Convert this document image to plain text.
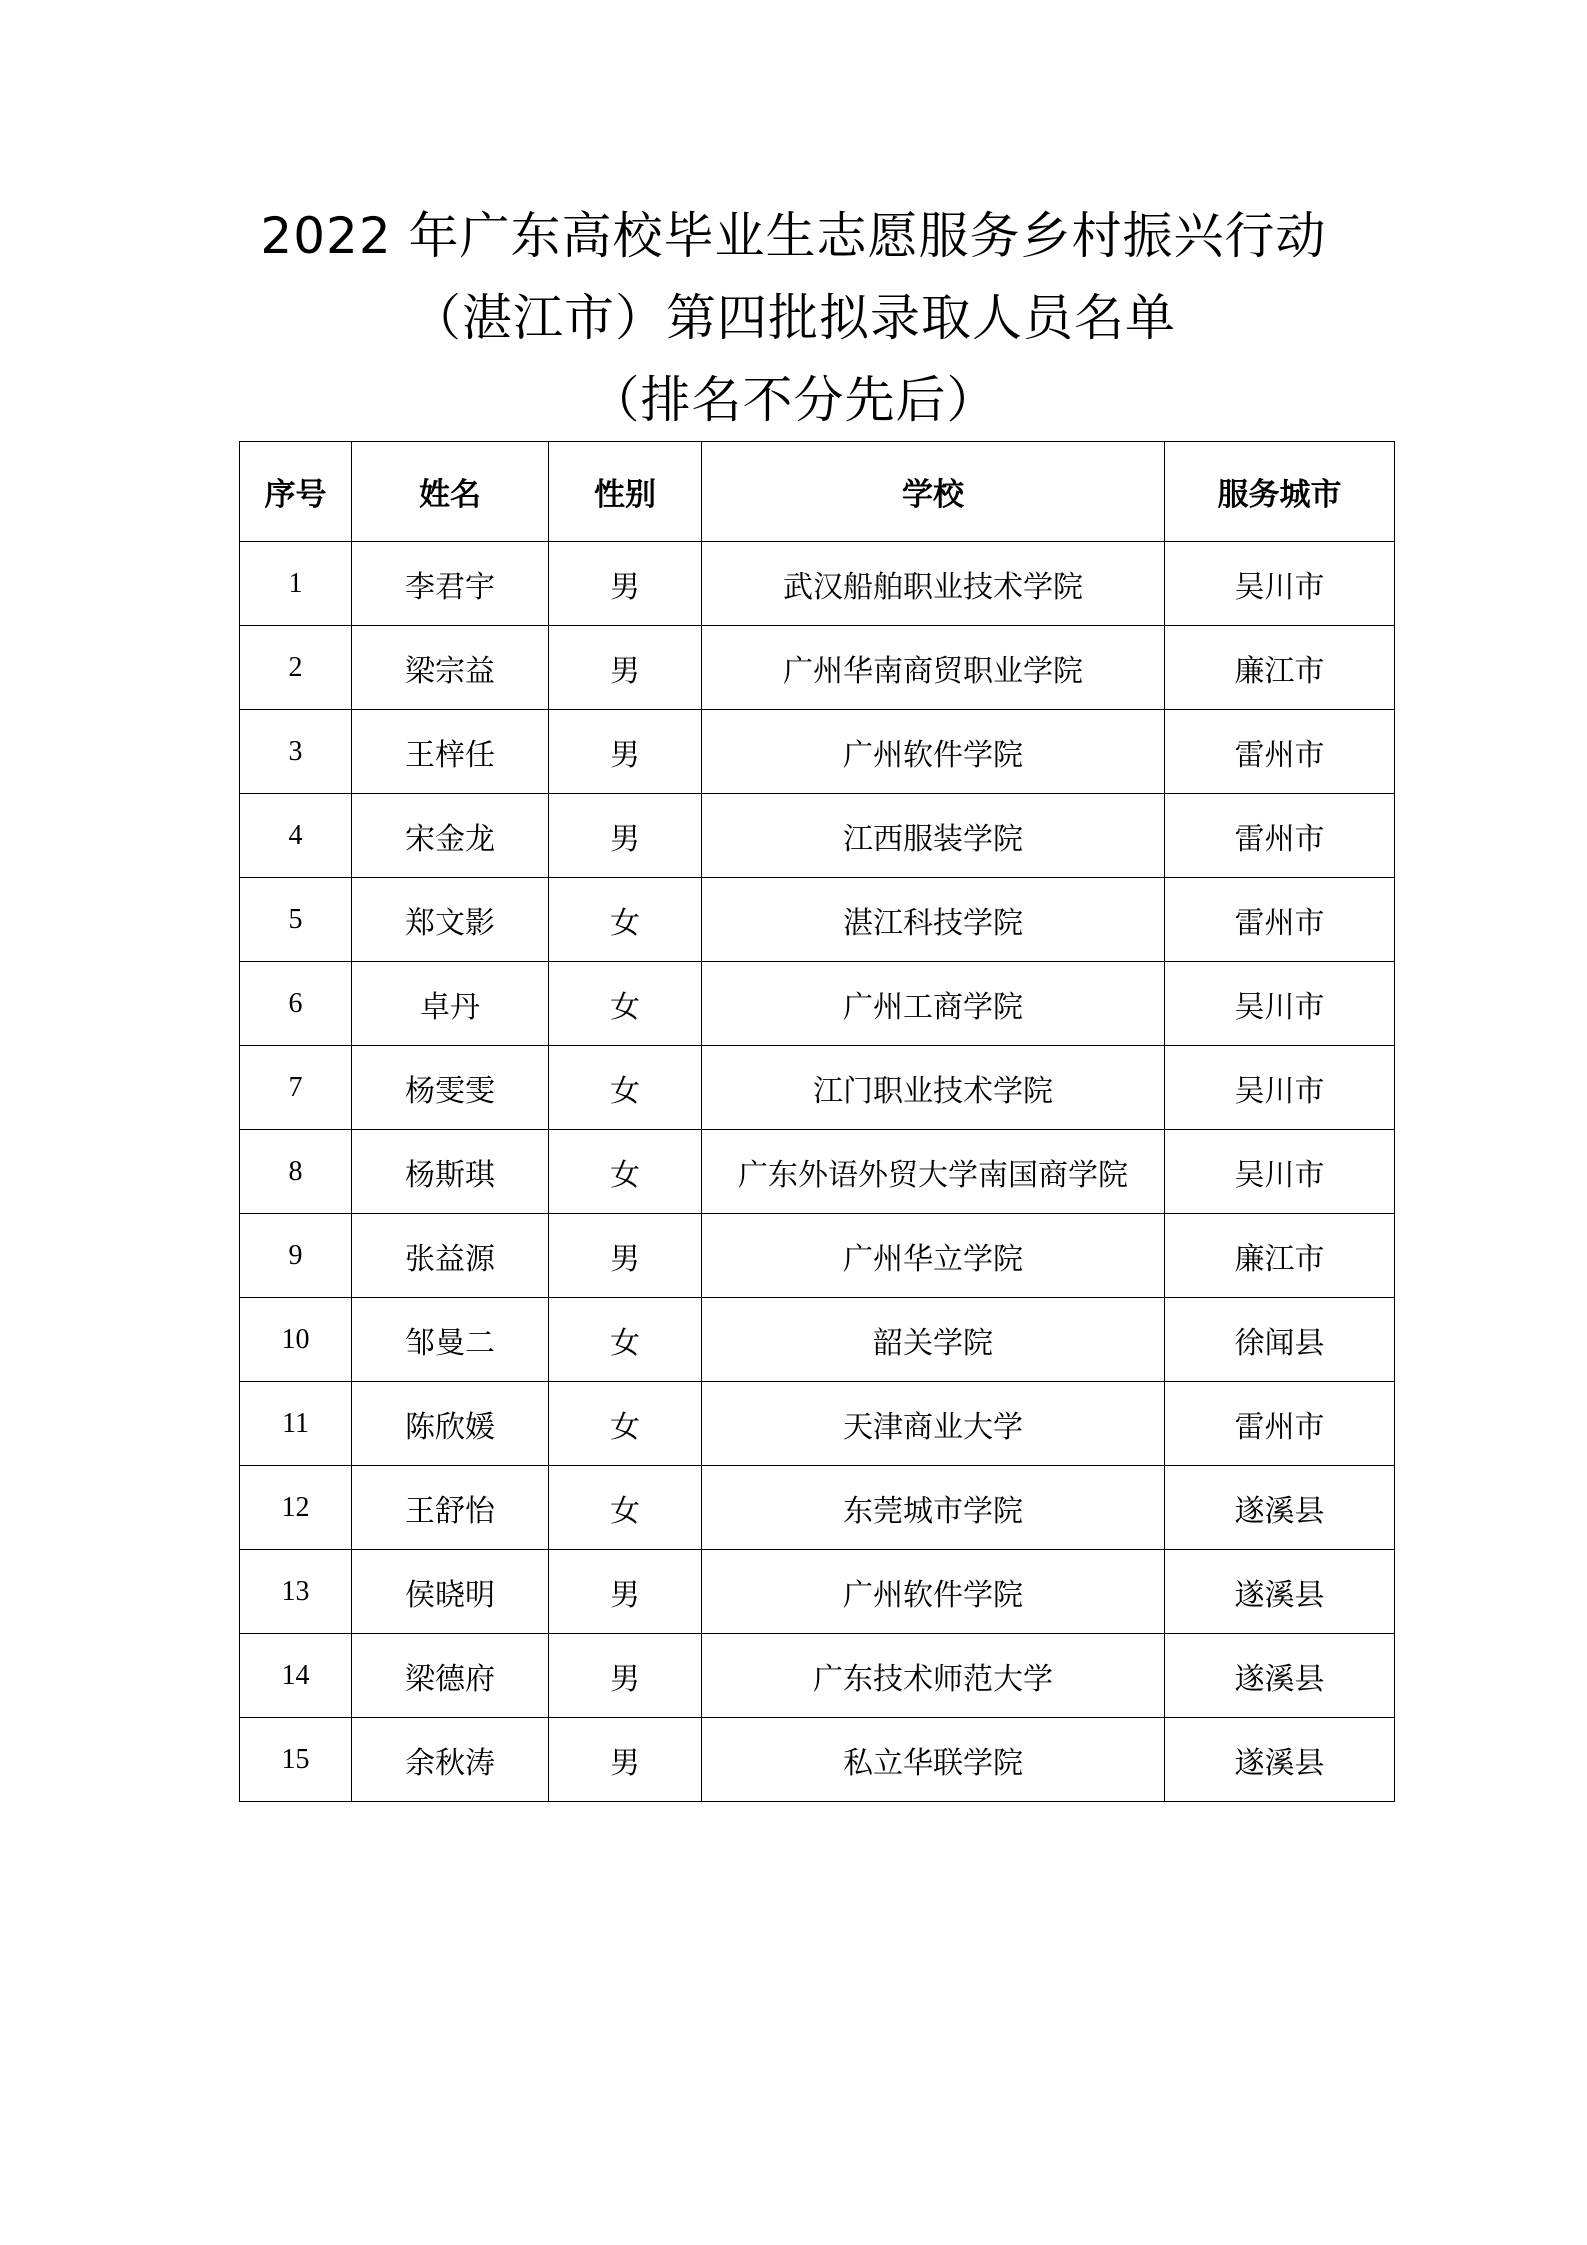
2022 年广东高校毕业生志愿服务乡村振兴行动
（湛江市）第四批拟录取人员名单
（排名不分先后）
序号	姓名	性别	学校	服务城市
1	李君宇	男	武汉船舶职业技术学院	吴川市
2	梁宗益	男	广州华南商贸职业学院	廉江市
3	王梓任	男	广州软件学院	雷州市
4	宋金龙	男	江西服装学院	雷州市
5	郑文影	女	湛江科技学院	雷州市
6	卓丹	女	广州工商学院	吴川市
7	杨雯雯	女	江门职业技术学院	吴川市
8	杨斯琪	女	广东外语外贸大学南国商学院	吴川市
9	张益源	男	广州华立学院	廉江市
10	邹曼二	女	韶关学院	徐闻县
11	陈欣媛	女	天津商业大学	雷州市
12	王舒怡	女	东莞城市学院	遂溪县
13	侯晓明	男	广州软件学院	遂溪县
14	梁德府	男	广东技术师范大学	遂溪县
15	余秋涛	男	私立华联学院	遂溪县
